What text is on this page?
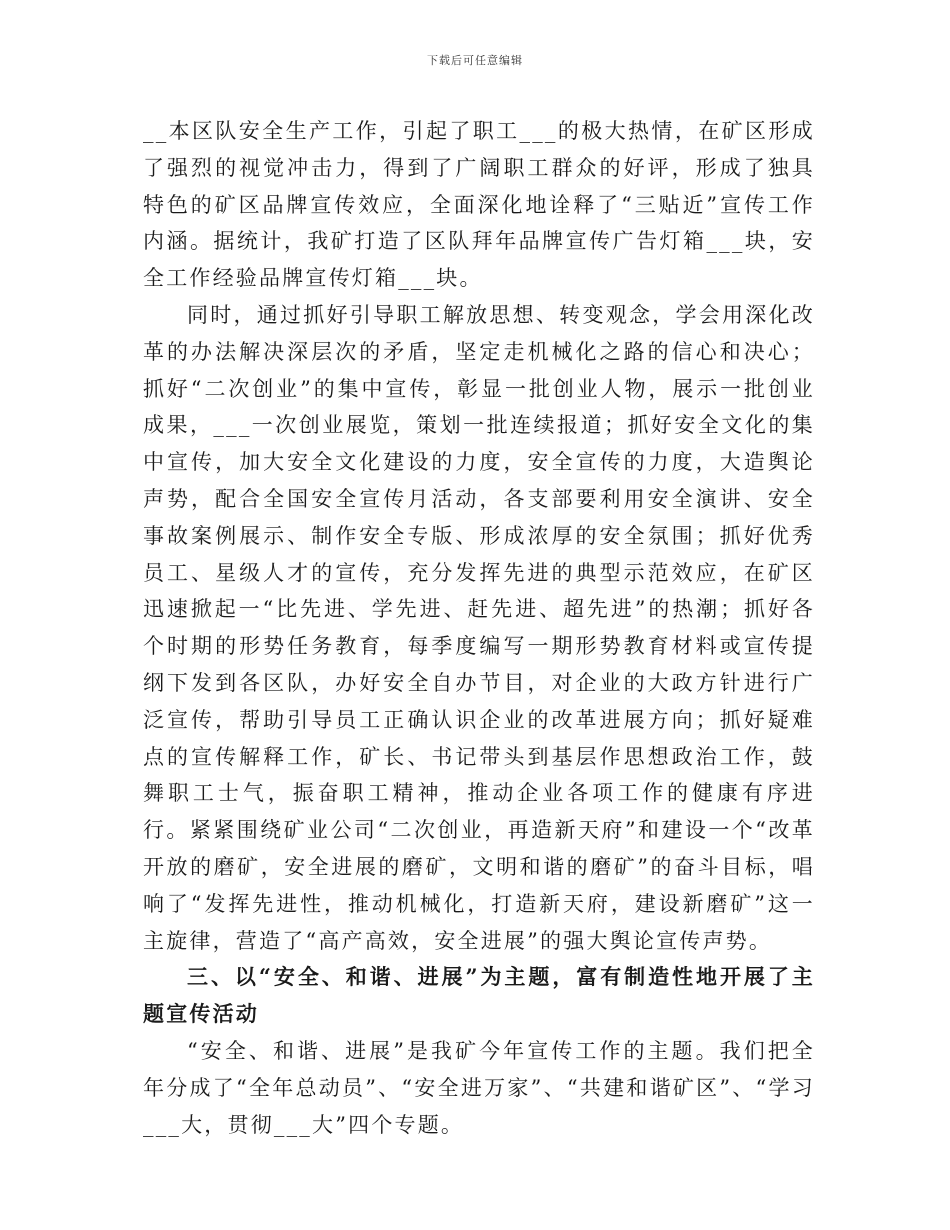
下载后可任意编辑

__本区队安全生产工作，引起了职工___的极大热情，在矿区形成了强烈的视觉冲击力，得到了广阔职工群众的好评，形成了独具特色的矿区品牌宣传效应，全面深化地诠释了“三贴近”宣传工作内涵。据统计，我矿打造了区队拜年品牌宣传广告灯箱___块，安全工作经验品牌宣传灯箱___块。

同时，通过抓好引导职工解放思想、转变观念，学会用深化改革的办法解决深层次的矛盾，坚定走机械化之路的信心和决心；抓好“二次创业”的集中宣传，彰显一批创业人物，展示一批创业成果，___一次创业展览，策划一批连续报道；抓好安全文化的集中宣传，加大安全文化建设的力度，安全宣传的力度，大造舆论声势，配合全国安全宣传月活动，各支部要利用安全演讲、安全事故案例展示、制作安全专版、形成浓厚的安全氛围；抓好优秀员工、星级人才的宣传，充分发挥先进的典型示范效应，在矿区迅速掀起一“比先进、学先进、赶先进、超先进”的热潮；抓好各个时期的形势任务教育，每季度编写一期形势教育材料或宣传提纲下发到各区队，办好安全自办节目，对企业的大政方针进行广泛宣传，帮助引导员工正确认识企业的改革进展方向；抓好疑难点的宣传解释工作，矿长、书记带头到基层作思想政治工作，鼓舞职工士气，振奋职工精神，推动企业各项工作的健康有序进行。紧紧围绕矿业公司“二次创业，再造新天府”和建设一个“改革开放的磨矿，安全进展的磨矿，文明和谐的磨矿”的奋斗目标，唱响了“发挥先进性，推动机械化，打造新天府，建设新磨矿”这一主旋律，营造了“高产高效，安全进展”的强大舆论宣传声势。

三、以“安全、和谐、进展”为主题，富有制造性地开展了主题宣传活动

“安全、和谐、进展”是我矿今年宣传工作的主题。我们把全年分成了“全年总动员”、“安全进万家”、“共建和谐矿区”、“学习___大，贯彻___大”四个专题。
